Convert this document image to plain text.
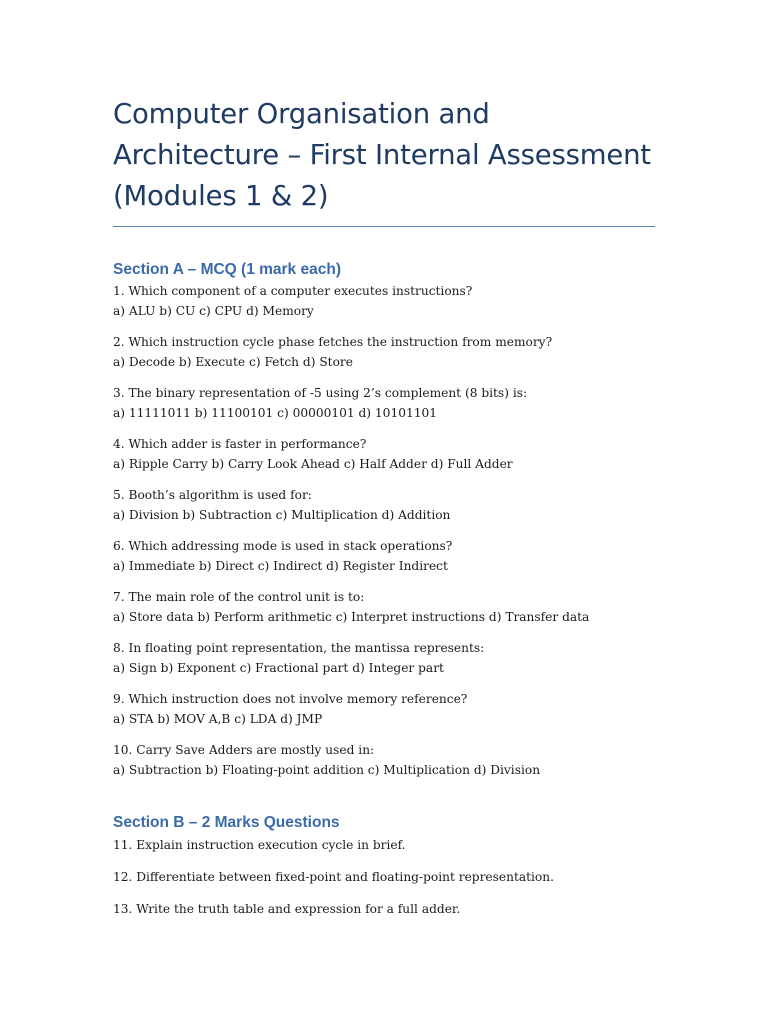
Computer Organisation and
Architecture – First Internal Assessment
(Modules 1 & 2)
Section A – MCQ (1 mark each)

1. Which component of a computer executes instructions?

a) ALU b) CU c) CPU d) Memory

2. Which instruction cycle phase fetches the instruction from memory?

a) Decode b) Execute c) Fetch d) Store

3. The binary representation of -5 using 2’s complement (8 bits) is:

a) 11111011 b) 11100101 c) 00000101 d) 10101101

4. Which adder is faster in performance?

a) Ripple Carry b) Carry Look Ahead c) Half Adder d) Full Adder

5. Booth’s algorithm is used for:

a) Division b) Subtraction c) Multiplication d) Addition

6. Which addressing mode is used in stack operations?

a) Immediate b) Direct c) Indirect d) Register Indirect

7. The main role of the control unit is to:

a) Store data b) Perform arithmetic c) Interpret instructions d) Transfer data

8. In floating point representation, the mantissa represents:

a) Sign b) Exponent c) Fractional part d) Integer part

9. Which instruction does not involve memory reference?

a) STA b) MOV A,B c) LDA d) JMP

10. Carry Save Adders are mostly used in:

a) Subtraction b) Floating-point addition c) Multiplication d) Division

Section B – 2 Marks Questions

11. Explain instruction execution cycle in brief.

12. Differentiate between fixed-point and floating-point representation.

13. Write the truth table and expression for a full adder.
